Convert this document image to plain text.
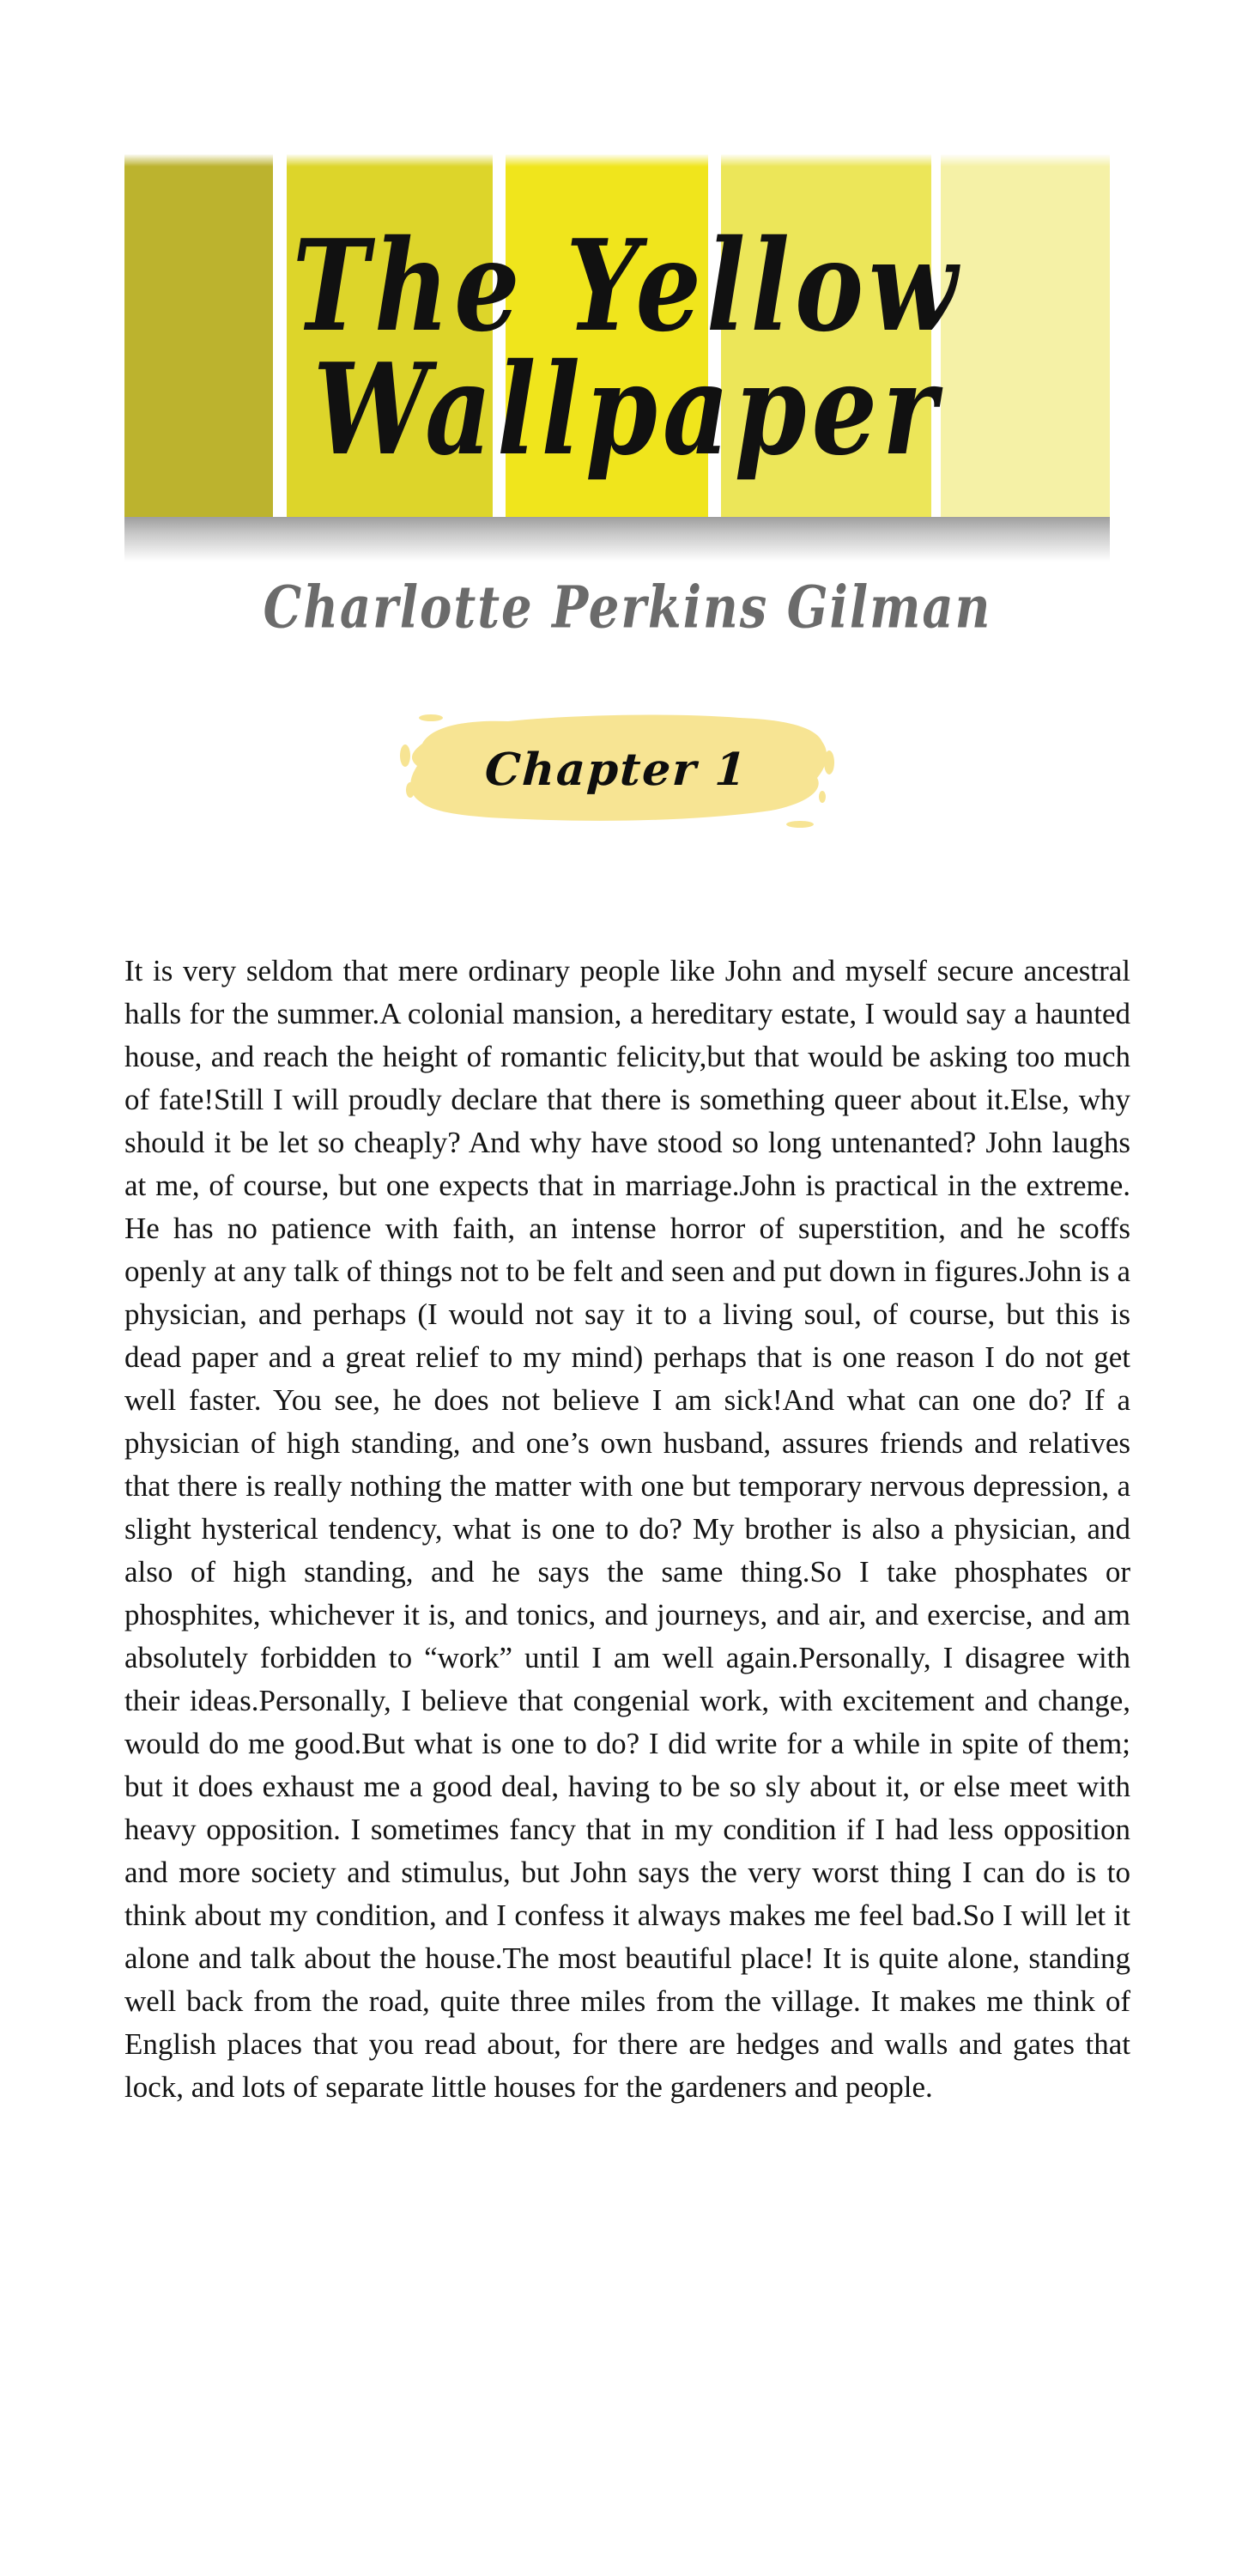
The Yellow
Wallpaper
Charlotte Perkins Gilman
Chapter 1

It is very seldom that mere ordinary people like John and myself secure ancestral halls for the summer.A colonial mansion, a hereditary estate, I would say a haunted house, and reach the height of romantic felicity,but that would be asking too much of fate!Still I will proudly declare that there is something queer about it.Else, why should it be let so cheaply? And why have stood so long untenanted? John laughs at me, of course, but one expects that in marriage.John is practical in the extreme. He has no patience with faith, an intense horror of superstition, and he scoffs openly at any talk of things not to be felt and seen and put down in figures.John is a physician, and perhaps (I would not say it to a living soul, of course, but this is dead paper and a great relief to my mind) perhaps that is one reason I do not get well faster. You see, he does not believe I am sick!And what can one do? If a physician of high standing, and one’s own husband, assures friends and relatives that there is really nothing the matter with one but temporary nervous depression, a slight hysterical tendency, what is one to do? My brother is also a physician, and also of high standing, and he says the same thing.So I take phosphates or phosphites, whichever it is, and tonics, and journeys, and air, and exercise, and am absolutely forbidden to “work” until I am well again.Personally, I disagree with their ideas.Personally, I believe that congenial work, with excitement and change, would do me good.But what is one to do? I did write for a while in spite of them; but it does exhaust me a good deal, having to be so sly about it, or else meet with heavy opposition. I sometimes fancy that in my condition if I had less opposition and more society and stimulus, but John says the very worst thing I can do is to think about my condition, and I confess it always makes me feel bad.So I will let it alone and talk about the house.The most beautiful place! It is quite alone, standing well back from the road, quite three miles from the village. It makes me think of English places that you read about, for there are hedges and walls and gates that lock, and lots of separate little houses for the gardeners and people.
